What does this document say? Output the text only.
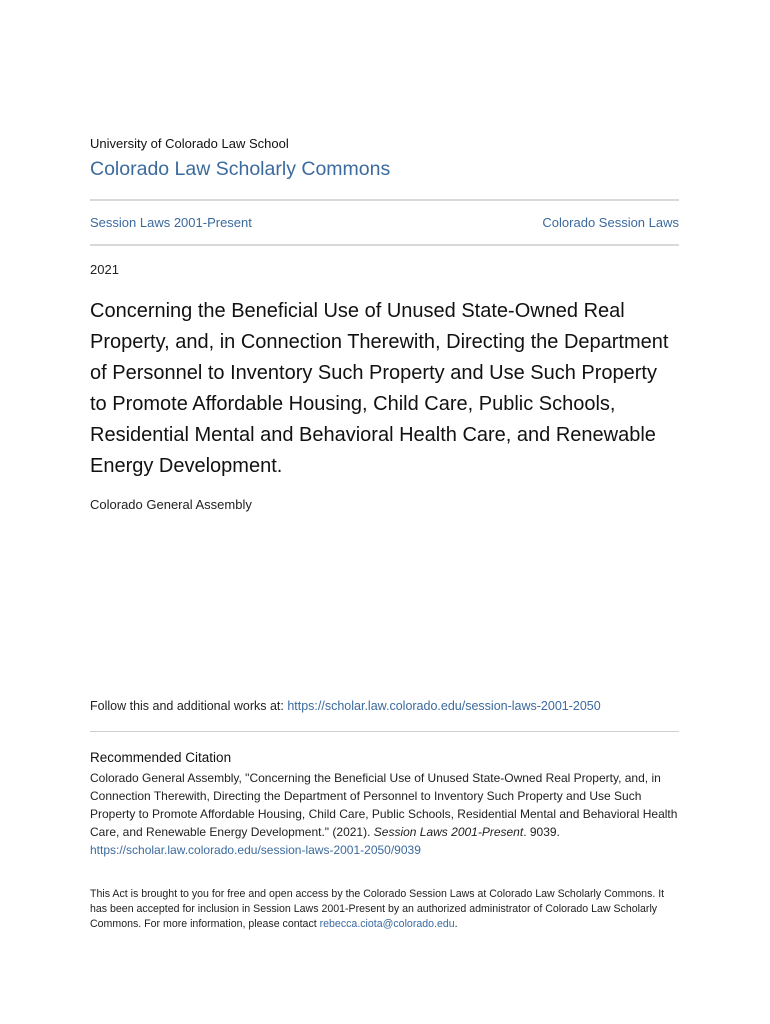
University of Colorado Law School
Colorado Law Scholarly Commons
Session Laws 2001-Present	Colorado Session Laws
2021
Concerning the Beneficial Use of Unused State-Owned Real Property, and, in Connection Therewith, Directing the Department of Personnel to Inventory Such Property and Use Such Property to Promote Affordable Housing, Child Care, Public Schools, Residential Mental and Behavioral Health Care, and Renewable Energy Development.
Colorado General Assembly
Follow this and additional works at: https://scholar.law.colorado.edu/session-laws-2001-2050
Recommended Citation
Colorado General Assembly, "Concerning the Beneficial Use of Unused State-Owned Real Property, and, in Connection Therewith, Directing the Department of Personnel to Inventory Such Property and Use Such Property to Promote Affordable Housing, Child Care, Public Schools, Residential Mental and Behavioral Health Care, and Renewable Energy Development." (2021). Session Laws 2001-Present. 9039.
https://scholar.law.colorado.edu/session-laws-2001-2050/9039
This Act is brought to you for free and open access by the Colorado Session Laws at Colorado Law Scholarly Commons. It has been accepted for inclusion in Session Laws 2001-Present by an authorized administrator of Colorado Law Scholarly Commons. For more information, please contact rebecca.ciota@colorado.edu.
